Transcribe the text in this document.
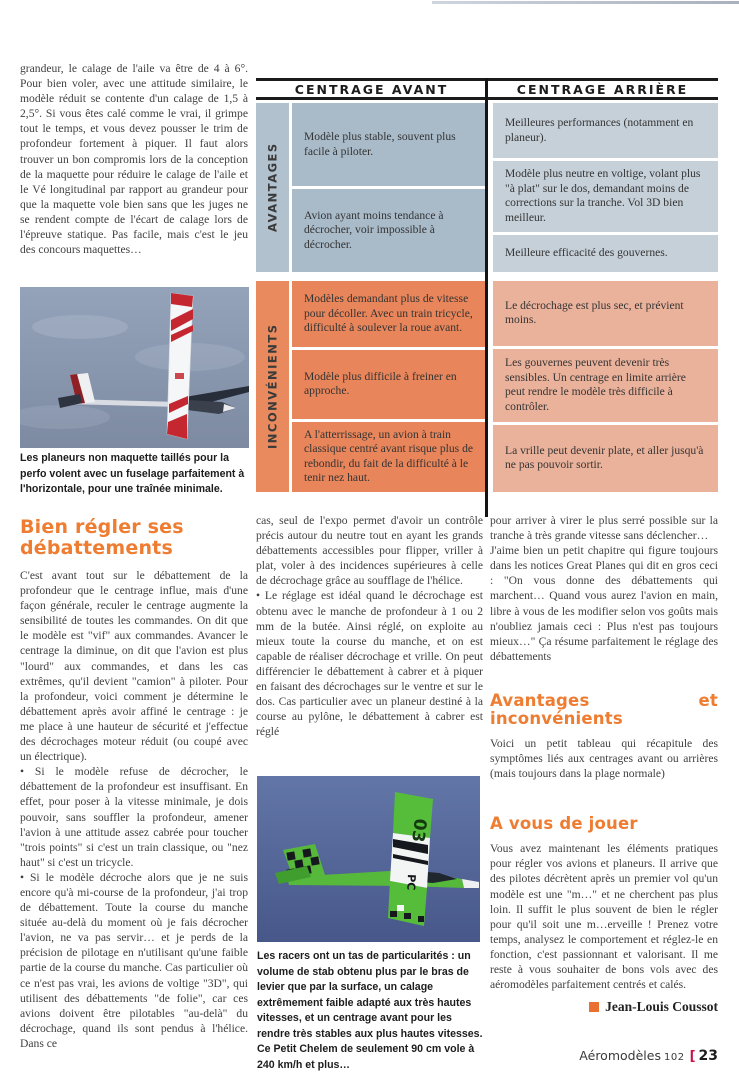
grandeur, le calage de l'aile va être de 4 à 6°. Pour bien voler, avec une attitude similaire, le modèle réduit se contente d'un calage de 1,5 à 2,5°. Si vous êtes calé comme le vrai, il grimpe tout le temps, et vous devez pousser le trim de profondeur fortement à piquer. Il faut alors trouver un bon compromis lors de la conception de la maquette pour réduire le calage de l'aile et le Vé longitudinal par rapport au grandeur pour que la maquette vole bien sans que les juges ne se rendent compte de l'écart de calage lors de l'épreuve statique. Pas facile, mais c'est le jeu des concours maquettes…

CENTRAGE AVANT	CENTRAGE ARRIÈRE
AVANTAGES
Modèle plus stable, souvent plus facile à piloter.
Avion ayant moins tendance à décrocher, voir impossible à décrocher.
Meilleures performances (notamment en planeur).
Modèle plus neutre en voltige, volant plus "à plat" sur le dos, demandant moins de corrections sur la tranche. Vol 3D bien meilleur.
Meilleure efficacité des gouvernes.
INCONVÉNIENTS
Modèles demandant plus de vitesse pour décoller. Avec un train tricycle, difficulté à soulever la roue avant.
Modèle plus difficile à freiner en approche.
A l'atterrissage, un avion à train classique centré avant risque plus de rebondir, du fait de la difficulté à le tenir nez haut.
Le décrochage est plus sec, et prévient moins.
Les gouvernes peuvent devenir très sensibles. Un centrage en limite arrière peut rendre le modèle très difficile à contrôler.
La vrille peut devenir plate, et aller jusqu'à ne pas pouvoir sortir.
Les planeurs non maquette taillés pour la perfo volent avec un fuselage parfaitement à l'horizontale, pour une traînée minimale.
Bien régler ses débattements

C'est avant tout sur le débattement de la profondeur que le centrage influe, mais d'une façon générale, reculer le centrage augmente la sensibilité de toutes les commandes. On dit que le modèle est "vif" aux commandes. Avancer le centrage la diminue, on dit que l'avion est plus "lourd" aux commandes, et dans les cas extrêmes, qu'il devient "camion" à piloter. Pour la profondeur, voici comment je détermine le débattement après avoir affiné le centrage : je me place à une hauteur de sécurité et j'effectue des décrochages moteur réduit (ou coupé avec un électrique).

• Si le modèle refuse de décrocher, le débattement de la profondeur est insuffisant. En effet, pour poser à la vitesse minimale, je dois pouvoir, sans souffler la profondeur, amener l'avion à une attitude assez cabrée pour toucher "trois points" si c'est un train classique, ou "nez haut" si c'est un tricycle.

• Si le modèle décroche alors que je ne suis encore qu'à mi-course de la profondeur, j'ai trop de débattement. Toute la course du manche située au-delà du moment où je fais décrocher l'avion, ne va pas servir… et je perds de la précision de pilotage en n'utilisant qu'une faible partie de la course du manche. Cas particulier où ce n'est pas vrai, les avions de voltige "3D", qui utilisent des débattements "de folie", car ces avions doivent être pilotables "au-delà" du décrochage, quand ils sont pendus à l'hélice. Dans ce

cas, seul de l'expo permet d'avoir un contrôle précis autour du neutre tout en ayant les grands débattements accessibles pour flipper, vriller à plat, voler à des incidences supérieures à celle de décrochage grâce au soufflage de l'hélice.

• Le réglage est idéal quand le décrochage est obtenu avec le manche de profondeur à 1 ou 2 mm de la butée. Ainsi réglé, on exploite au mieux toute la course du manche, et on est capable de réaliser décrochage et vrille. On peut différencier le débattement à cabrer et à piquer en faisant des décrochages sur le ventre et sur le dos. Cas particulier avec un planeur destiné à la course au pylône, le débattement à cabrer est réglé

03
PC
Les racers ont un tas de particularités : un volume de stab obtenu plus par le bras de levier que par la surface, un calage extrêmement faible adapté aux très hautes vitesses, et un centrage avant pour les rendre très stables aux plus hautes vitesses. Ce Petit Chelem de seulement 90 cm vole à 240 km/h et plus…

pour arriver à virer le plus serré possible sur la tranche à très grande vitesse sans déclencher…

J'aime bien un petit chapitre qui figure toujours dans les notices Great Planes qui dit en gros ceci : "On vous donne des débattements qui marchent… Quand vous aurez l'avion en main, libre à vous de les modifier selon vos goûts mais n'oubliez jamais ceci : Plus n'est pas toujours mieux…" Ça résume parfaitement le réglage des débattements

Avantages et inconvénients

Voici un petit tableau qui récapitule des symptômes liés aux centrages avant ou arrières (mais toujours dans la plage normale)

A vous de jouer

Vous avez maintenant les éléments pratiques pour régler vos avions et planeurs. Il arrive que des pilotes décrètent après un premier vol qu'un modèle est une "m…" et ne cherchent pas plus loin. Il suffit le plus souvent de bien le régler pour qu'il soit une m…erveille ! Prenez votre temps, analysez le comportement et réglez-le en fonction, c'est passionnant et valorisant. Il me reste à vous souhaiter de bons vols avec des aéromodèles parfaitement centrés et calés.

Jean-Louis Coussot
Aéromodèles 102 [ 23
